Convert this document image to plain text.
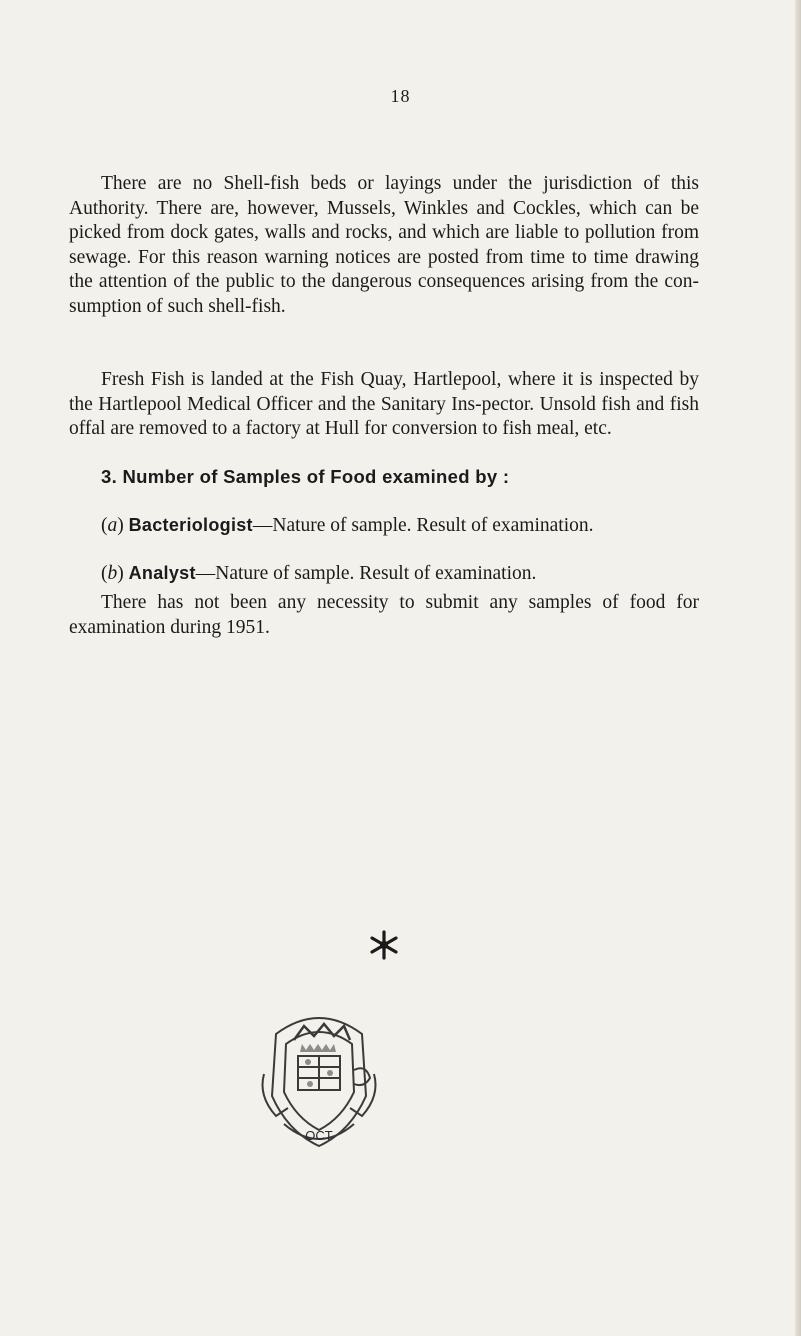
18

There are no Shell-fish beds or layings under the jurisdiction of this Authority. There are, however, Mussels, Winkles and Cockles, which can be picked from dock gates, walls and rocks, and which are liable to pollution from sewage. For this reason warning notices are posted from time to time drawing the attention of the public to the dangerous consequences arising from the con-sumption of such shell-fish.

3. Number of Samples of Food examined by :
(a) Bacteriologist—Nature of sample. Result of examination.
(b) Analyst—Nature of sample. Result of examination.

Fresh Fish is landed at the Fish Quay, Hartlepool, where it is inspected by the Hartlepool Medical Officer and the Sanitary Ins-pector. Unsold fish and fish offal are removed to a factory at Hull for conversion to fish meal, etc.

There has not been any necessity to submit any samples of food for examination during 1951.

OCT
